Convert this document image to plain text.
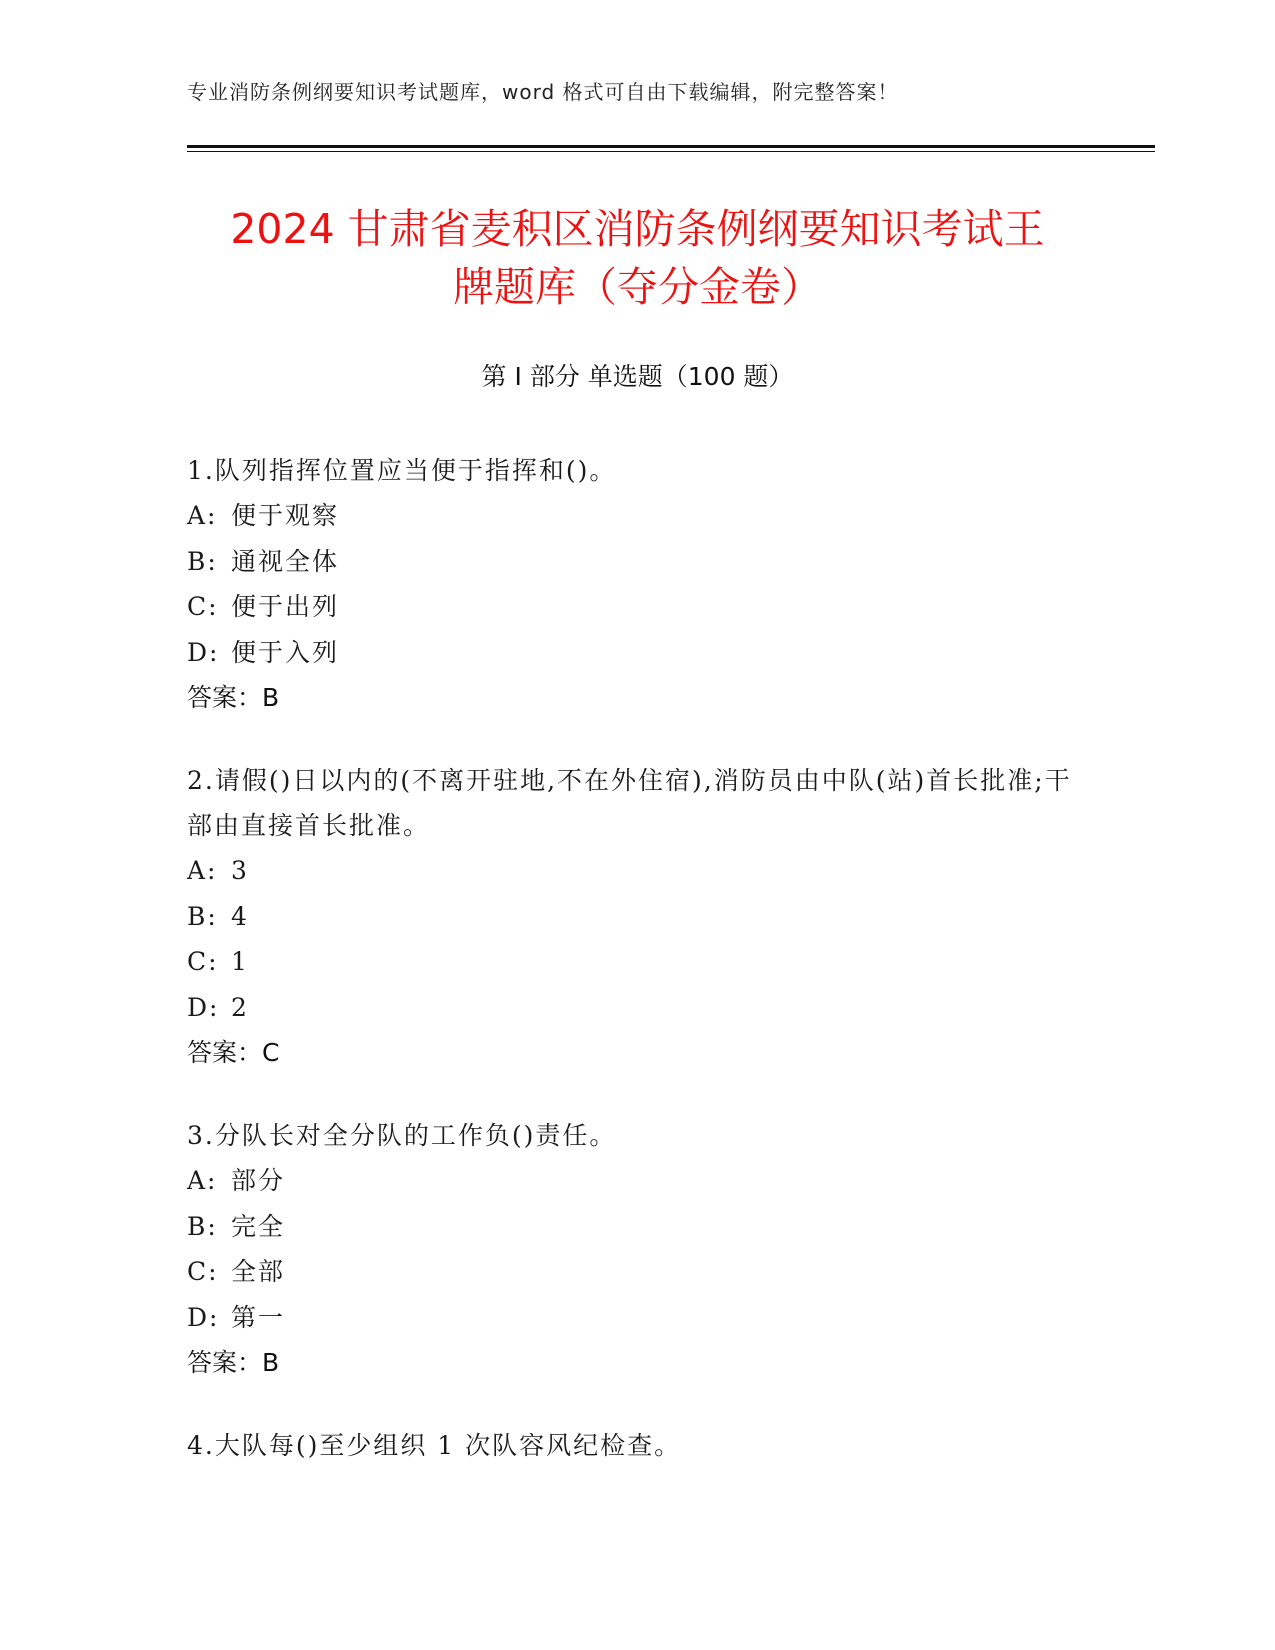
专业消防条例纲要知识考试题库，word 格式可自由下载编辑，附完整答案！
2024 甘肃省麦积区消防条例纲要知识考试王
牌题库（夺分金卷）
第 I 部分 单选题（100 题）
1.队列指挥位置应当便于指挥和()。
A: 便于观察
B: 通视全体
C: 便于出列
D: 便于入列
答案：B
2.请假()日以内的(不离开驻地,不在外住宿),消防员由中队(站)首长批准;干部由直接首长批准。
A: 3
B: 4
C: 1
D: 2
答案：C
3.分队长对全分队的工作负()责任。
A: 部分
B: 完全
C: 全部
D: 第一
答案：B
4.大队每()至少组织 1 次队容风纪检查。
